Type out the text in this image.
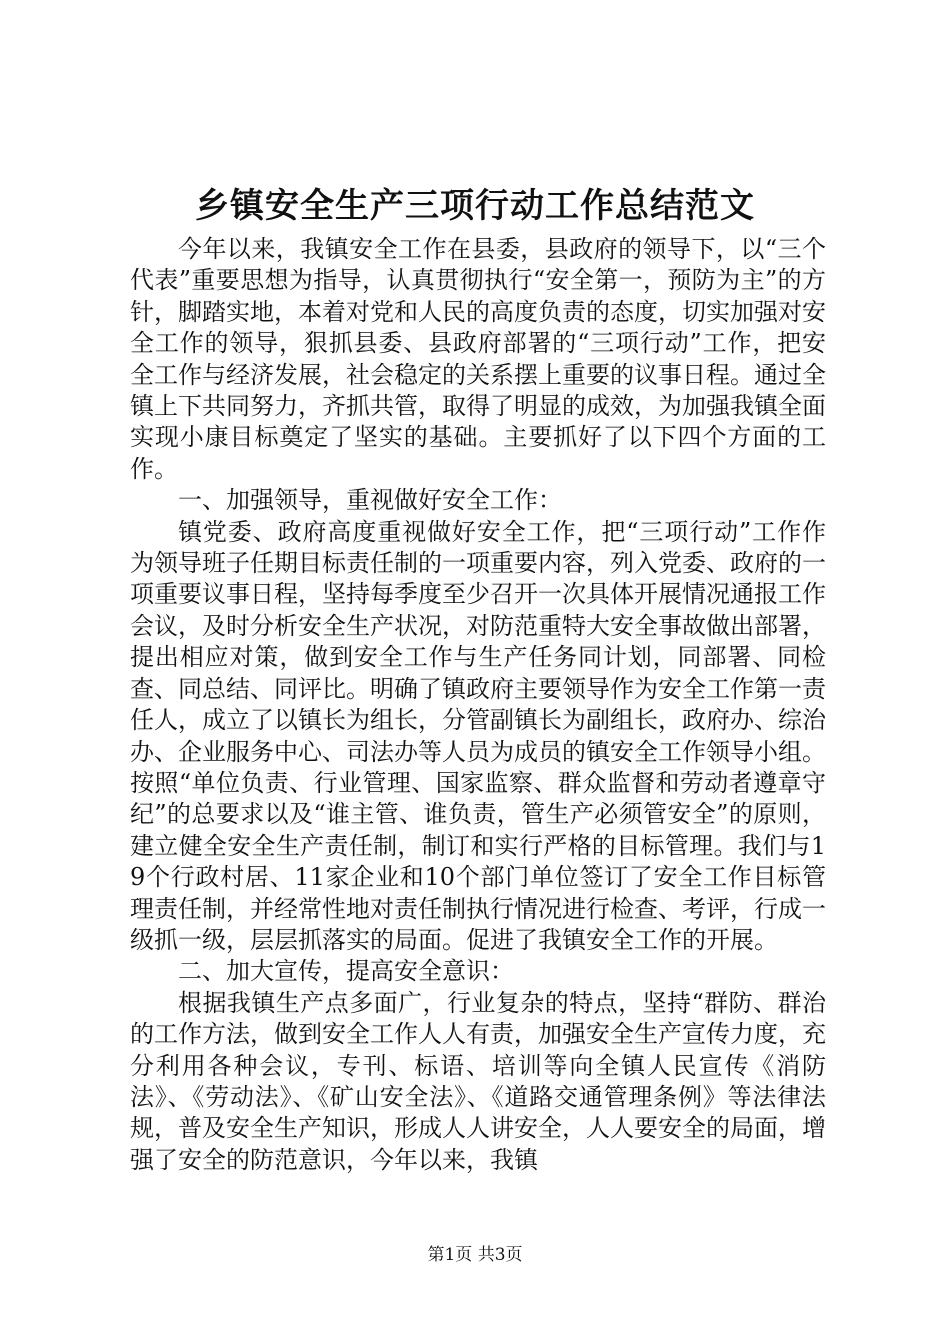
乡镇安全生产三项行动工作总结范文

今年以来，我镇安全工作在县委，县政府的领导下，以“三个代表”重要思想为指导，认真贯彻执行“安全第一，预防为主”的方针，脚踏实地，本着对党和人民的高度负责的态度，切实加强对安全工作的领导，狠抓县委、县政府部署的“三项行动”工作，把安全工作与经济发展，社会稳定的关系摆上重要的议事日程。通过全镇上下共同努力，齐抓共管，取得了明显的成效，为加强我镇全面实现小康目标奠定了坚实的基础。主要抓好了以下四个方面的工作。

一、加强领导，重视做好安全工作：

镇党委、政府高度重视做好安全工作，把“三项行动”工作作为领导班子任期目标责任制的一项重要内容，列入党委、政府的一项重要议事日程，坚持每季度至少召开一次具体开展情况通报工作会议，及时分析安全生产状况，对防范重特大安全事故做出部署，提出相应对策，做到安全工作与生产任务同计划，同部署、同检查、同总结、同评比。明确了镇政府主要领导作为安全工作第一责任人，成立了以镇长为组长，分管副镇长为副组长，政府办、综治办、企业服务中心、司法办等人员为成员的镇安全工作领导小组。按照“单位负责、行业管理、国家监察、群众监督和劳动者遵章守纪”的总要求以及“谁主管、谁负责，管生产必须管安全”的原则，建立健全安全生产责任制，制订和实行严格的目标管理。我们与19个行政村居、11家企业和10个部门单位签订了安全工作目标管理责任制，并经常性地对责任制执行情况进行检查、考评，行成一级抓一级，层层抓落实的局面。促进了我镇安全工作的开展。

二、加大宣传，提高安全意识：

根据我镇生产点多面广，行业复杂的特点，坚持“群防、群治的工作方法，做到安全工作人人有责，加强安全生产宣传力度，充分利用各种会议，专刊、标语、培训等向全镇人民宣传《消防法》、《劳动法》、《矿山安全法》、《道路交通管理条例》等法律法规，普及安全生产知识，形成人人讲安全，人人要安全的局面，增强了安全的防范意识，今年以来，我镇

第1页 共3页
